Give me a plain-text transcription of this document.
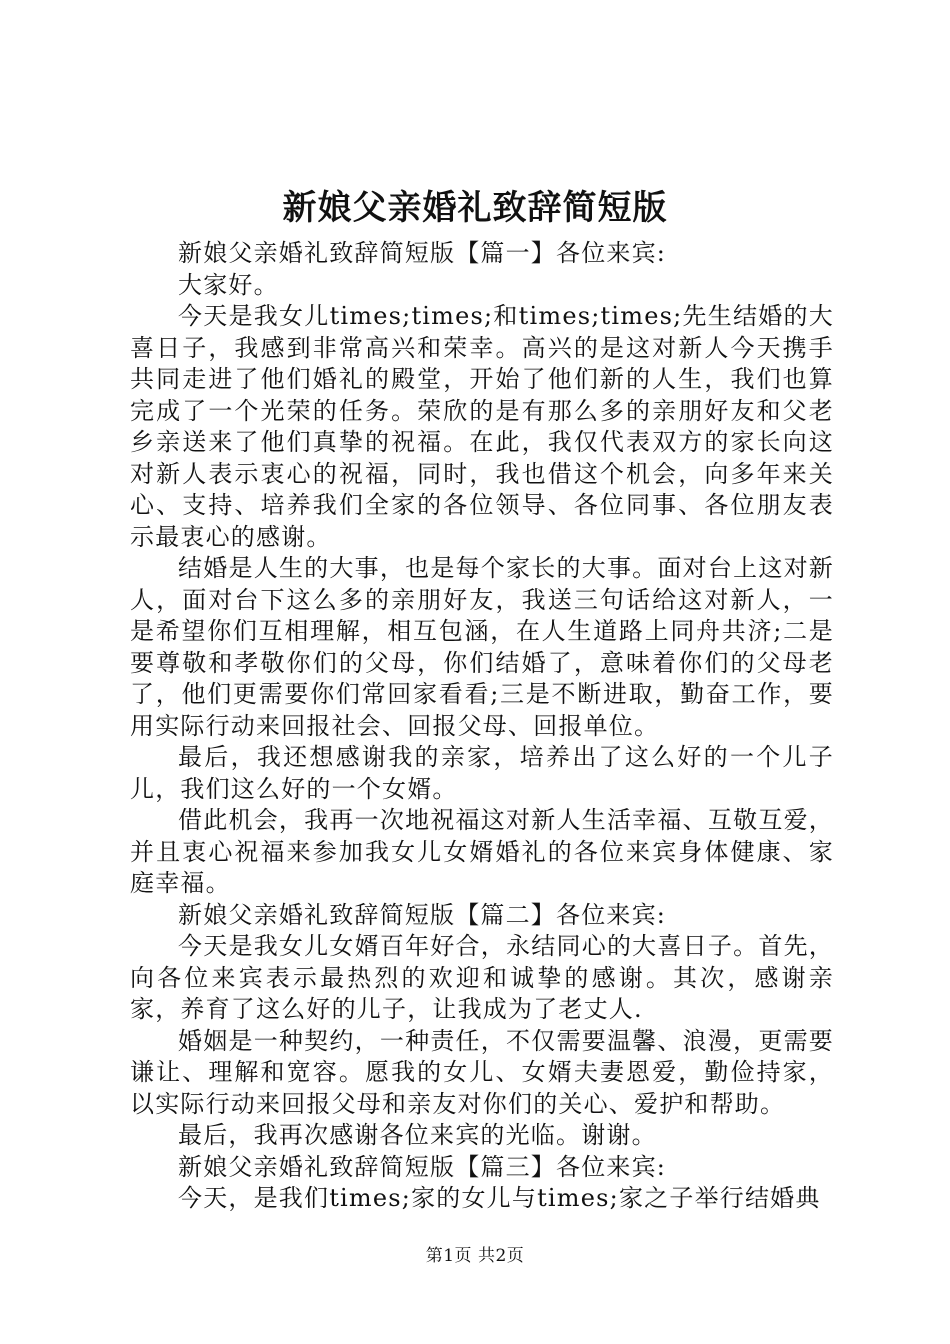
新娘父亲婚礼致辞简短版

新娘父亲婚礼致辞简短版【篇一】各位来宾:

大家好。

今天是我女儿times;times;和times;times;先生结婚的大喜日子，我感到非常高兴和荣幸。高兴的是这对新人今天携手共同走进了他们婚礼的殿堂，开始了他们新的人生，我们也算完成了一个光荣的任务。荣欣的是有那么多的亲朋好友和父老乡亲送来了他们真挚的祝福。在此，我仅代表双方的家长向这对新人表示衷心的祝福，同时，我也借这个机会，向多年来关心、支持、培养我们全家的各位领导、各位同事、各位朋友表示最衷心的感谢。

结婚是人生的大事，也是每个家长的大事。面对台上这对新人，面对台下这么多的亲朋好友，我送三句话给这对新人，一是希望你们互相理解，相互包涵，在人生道路上同舟共济;二是要尊敬和孝敬你们的父母，你们结婚了，意味着你们的父母老了，他们更需要你们常回家看看;三是不断进取，勤奋工作，要用实际行动来回报社会、回报父母、回报单位。

最后，我还想感谢我的亲家，培养出了这么好的一个儿子儿，我们这么好的一个女婿。

借此机会，我再一次地祝福这对新人生活幸福、互敬互爱，并且衷心祝福来参加我女儿女婿婚礼的各位来宾身体健康、家庭幸福。

新娘父亲婚礼致辞简短版【篇二】各位来宾:

今天是我女儿女婿百年好合，永结同心的大喜日子。首先，向各位来宾表示最热烈的欢迎和诚挚的感谢。其次，感谢亲家，养育了这么好的儿子，让我成为了老丈人.

婚姻是一种契约，一种责任，不仅需要温馨、浪漫，更需要谦让、理解和宽容。愿我的女儿、女婿夫妻恩爱，勤俭持家，以实际行动来回报父母和亲友对你们的关心、爱护和帮助。

最后，我再次感谢各位来宾的光临。谢谢。

新娘父亲婚礼致辞简短版【篇三】各位来宾:

今天，是我们times;家的女儿与times;家之子举行结婚典

第1页 共2页
